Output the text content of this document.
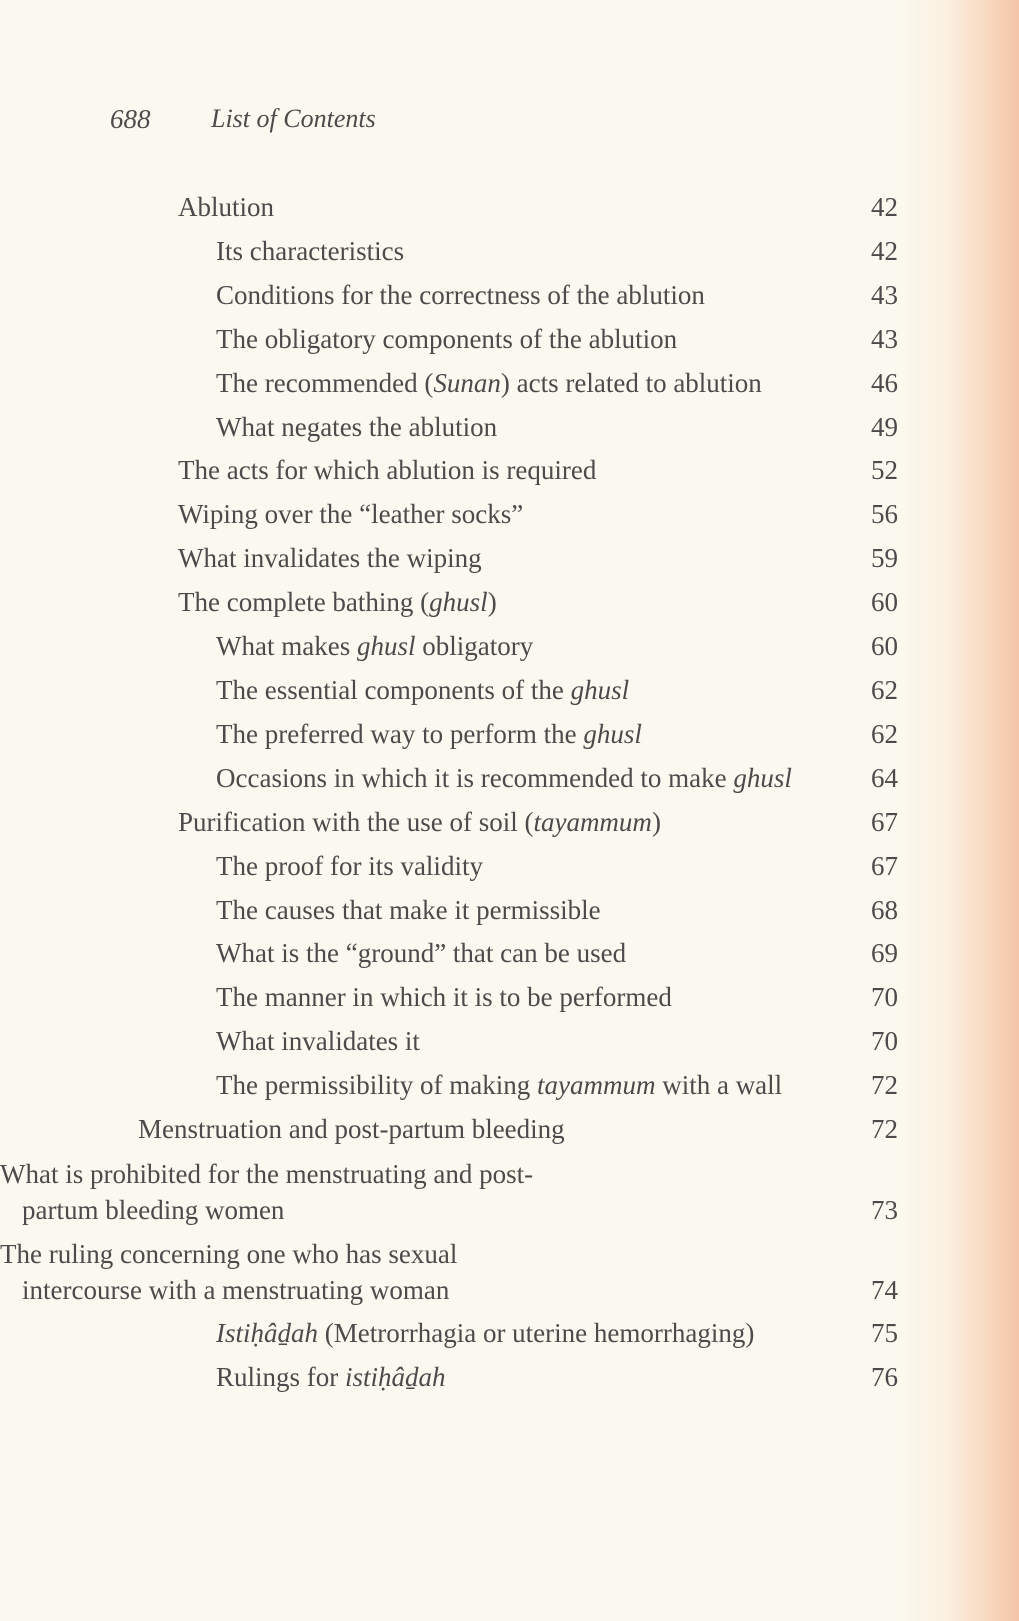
688 List of Contents
Ablution	42
Its characteristics	42
Conditions for the correctness of the ablution	43
The obligatory components of the ablution	43
The recommended (Sunan) acts related to ablution	46
What negates the ablution	49
The acts for which ablution is required	52
Wiping over the “leather socks”	56
What invalidates the wiping	59
The complete bathing (ghusl)	60
What makes ghusl obligatory	60
The essential components of the ghusl	62
The preferred way to perform the ghusl	62
Occasions in which it is recommended to make ghusl	64
Purification with the use of soil (tayammum)	67
The proof for its validity	67
The causes that make it permissible	68
What is the “ground” that can be used	69
The manner in which it is to be performed	70
What invalidates it	70
The permissibility of making tayammum with a wall	72
Menstruation and post-partum bleeding	72
What is prohibited for the menstruating and post-partum bleeding women	73
The ruling concerning one who has sexual intercourse with a menstruating woman	74
Istiḥâḏah (Metrorrhagia or uterine hemorrhaging)	75
Rulings for istiḥâḏah	76
